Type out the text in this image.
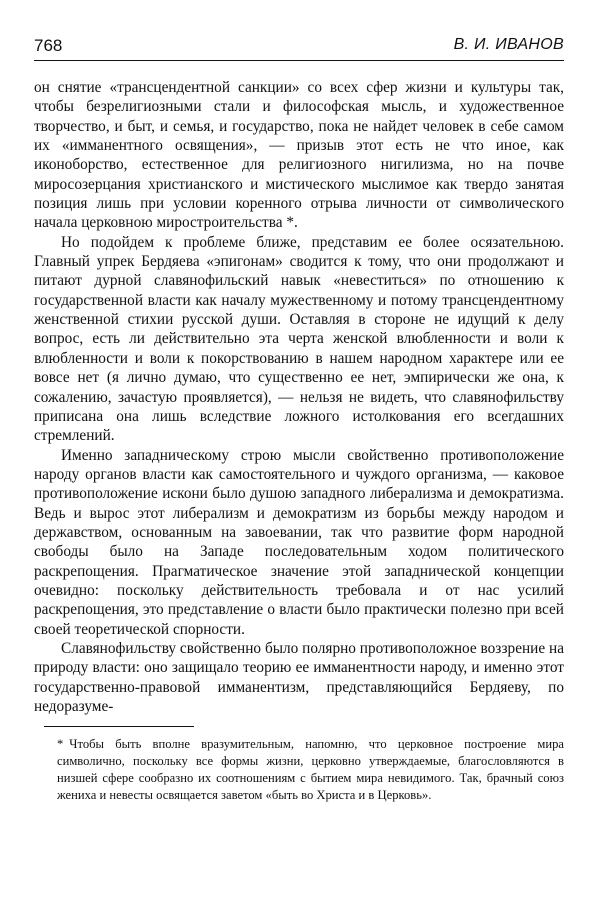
768	В. И. ИВАНОВ

он снятие «трансцендентной санкции» со всех сфер жизни и культуры так, чтобы безрелигиозными стали и философская мысль, и художественное творчество, и быт, и семья, и государство, пока не найдет человек в себе самом их «имманентного освящения», — призыв этот есть не что иное, как иконоборство, естественное для религиозного нигилизма, но на почве миросозерцания христианского и мистического мыслимое как твердо занятая позиция лишь при условии коренного отрыва личности от символического начала церковною миростроительства *.

Но подойдем к проблеме ближе, представим ее более осязательною. Главный упрек Бердяева «эпигонам» сводится к тому, что они продолжают и питают дурной славянофильский навык «невеститься» по отношению к государственной власти как началу мужественному и потому трансцендентному женственной стихии русской души. Оставляя в стороне не идущий к делу вопрос, есть ли действительно эта черта женской влюбленности и воли к влюбленности и воли к покорствованию в нашем народном характере или ее вовсе нет (я лично думаю, что существенно ее нет, эмпирически же она, к сожалению, зачастую проявляется), — нельзя не видеть, что славянофильству приписана она лишь вследствие ложного истолкования его всегдашних стремлений.

Именно западническому строю мысли свойственно противоположение народу органов власти как самостоятельного и чуждого организма, — каковое противоположение искони было душою западного либерализма и демократизма. Ведь и вырос этот либерализм и демократизм из борьбы между народом и державством, основанным на завоевании, так что развитие форм народной свободы было на Западе последовательным ходом политического раскрепощения. Прагматическое значение этой западнической концепции очевидно: поскольку действительность требовала и от нас усилий раскрепощения, это представление о власти было практически полезно при всей своей теоретической спорности.

Славянофильству свойственно было полярно противоположное воззрение на природу власти: оно защищало теорию ее имманентности народу, и именно этот государственно-правовой имманентизм, представляющийся Бердяеву, по недоразуме-

* Чтобы быть вполне вразумительным, напомню, что церковное построение мира символично, поскольку все формы жизни, церковно утверждаемые, благословляются в низшей сфере сообразно их соотношениям с бытием мира невидимого. Так, брачный союз жениха и невесты освящается заветом «быть во Христа и в Церковь».
